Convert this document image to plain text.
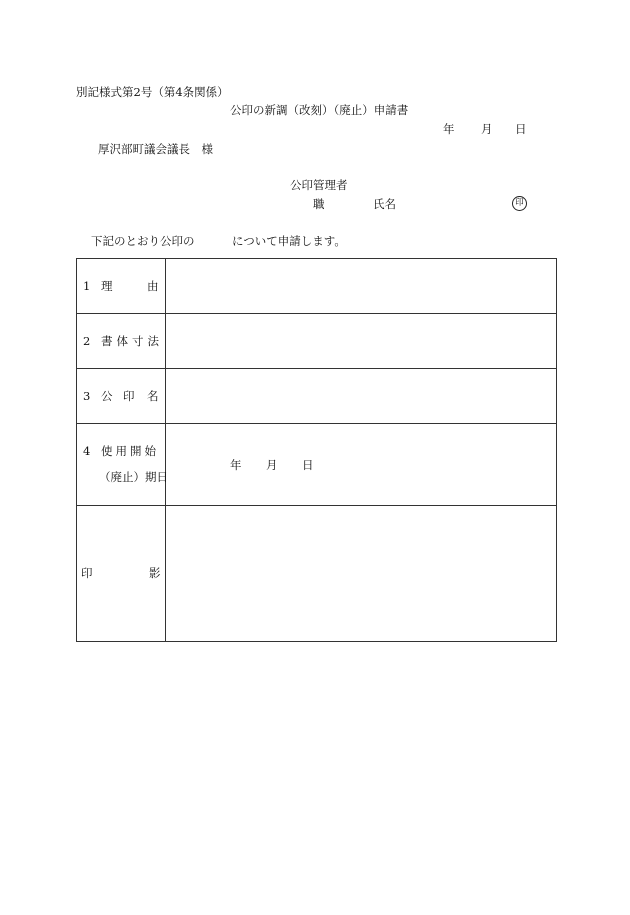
別記様式第2号（第4条関係）
公印の新調（改刻）（廃止）申請書
年 月 日
厚沢部町議会議長　様
公印管理者
職	氏名	印
下記のとおり公印の	について申請します。
1 理 由	

2 書体寸法	

3 公 印 名	

4 使用開始
（廃止）期日	年 月 日

印 影	
